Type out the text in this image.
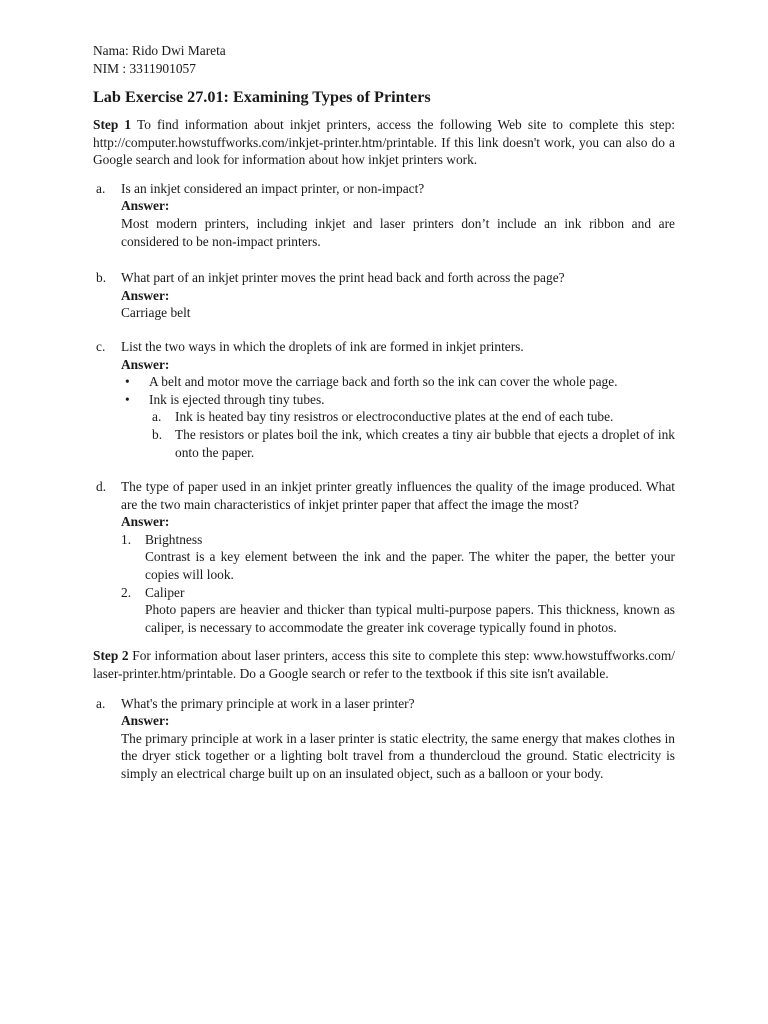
Nama: Rido Dwi Mareta
NIM : 3311901057
Lab Exercise 27.01: Examining Types of Printers
Step 1 To find information about inkjet printers, access the following Web site to complete this step: http://computer.howstuffworks.com/inkjet-printer.htm/printable. If this link doesn't work, you can also do a Google search and look for information about how inkjet printers work.
a. Is an inkjet considered an impact printer, or non-impact?
Answer:
Most modern printers, including inkjet and laser printers don’t include an ink ribbon and are considered to be non-impact printers.
b. What part of an inkjet printer moves the print head back and forth across the page?
Answer:
Carriage belt
c. List the two ways in which the droplets of ink are formed in inkjet printers.
Answer:
• A belt and motor move the carriage back and forth so the ink can cover the whole page.
• Ink is ejected through tiny tubes.
a. Ink is heated bay tiny resistros or electroconductive plates at the end of each tube.
b. The resistors or plates boil the ink, which creates a tiny air bubble that ejects a droplet of ink onto the paper.
d. The type of paper used in an inkjet printer greatly influences the quality of the image produced. What are the two main characteristics of inkjet printer paper that affect the image the most?
Answer:
1. Brightness
Contrast is a key element between the ink and the paper. The whiter the paper, the better your copies will look.
2. Caliper
Photo papers are heavier and thicker than typical multi-purpose papers. This thickness, known as caliper, is necessary to accommodate the greater ink coverage typically found in photos.
Step 2 For information about laser printers, access this site to complete this step: www.howstuffworks.com/ laser-printer.htm/printable. Do a Google search or refer to the textbook if this site isn't available.
a. What's the primary principle at work in a laser printer?
Answer:
The primary principle at work in a laser printer is static electrity, the same energy that makes clothes in the dryer stick together or a lighting bolt travel from a thundercloud the ground. Static electricity is simply an electrical charge built up on an insulated object, such as a balloon or your body.
